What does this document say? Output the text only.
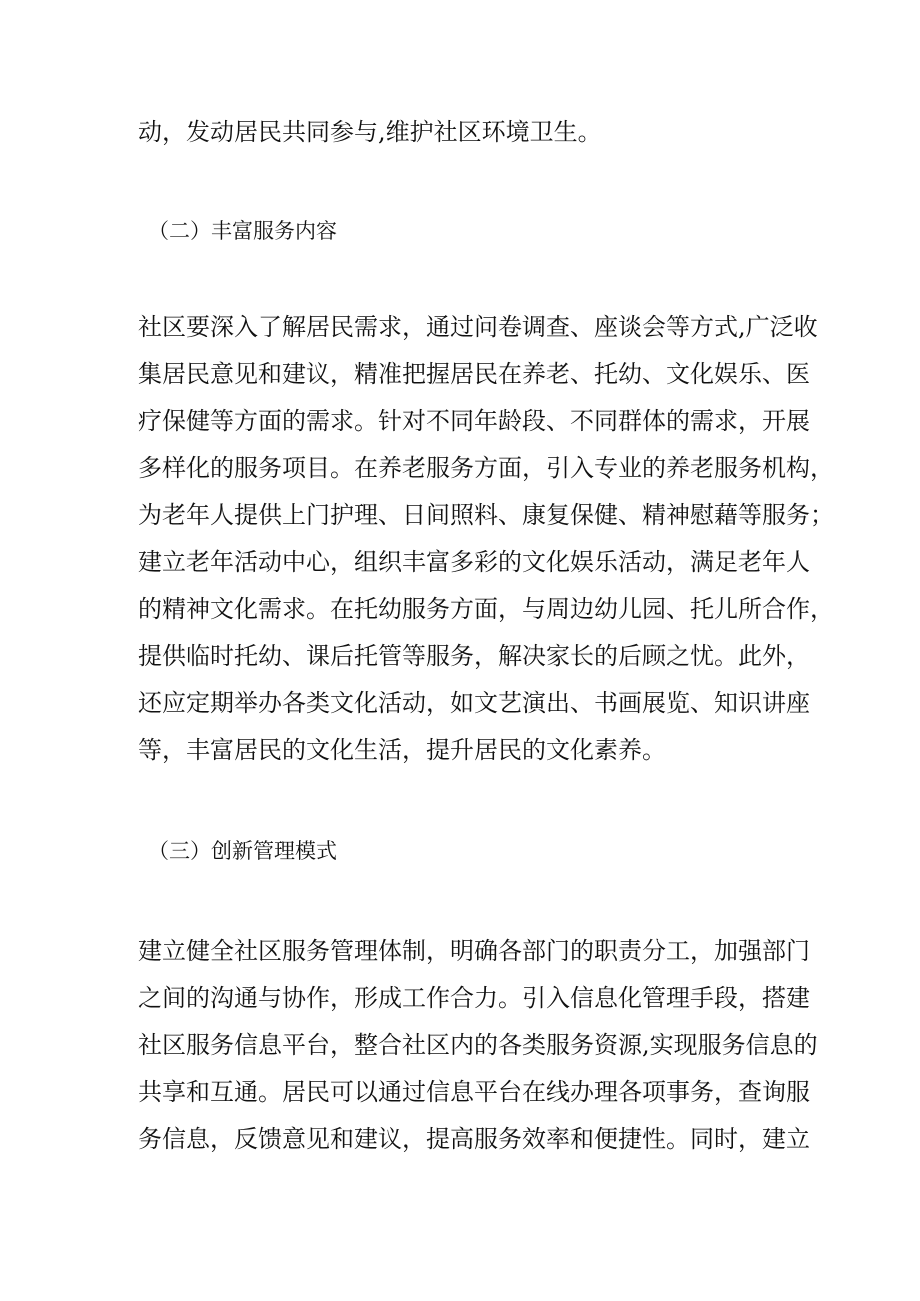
动，发动居民共同参与,维护社区环境卫生。
（二）丰富服务内容
社区要深入了解居民需求，通过问卷调查、座谈会等方式,广泛收
集居民意见和建议，精准把握居民在养老、托幼、文化娱乐、医
疗保健等方面的需求。针对不同年龄段、不同群体的需求，开展
多样化的服务项目。在养老服务方面，引入专业的养老服务机构，
为老年人提供上门护理、日间照料、康复保健、精神慰藉等服务；
建立老年活动中心，组织丰富多彩的文化娱乐活动，满足老年人
的精神文化需求。在托幼服务方面，与周边幼儿园、托儿所合作，
提供临时托幼、课后托管等服务，解决家长的后顾之忧。此外，
还应定期举办各类文化活动，如文艺演出、书画展览、知识讲座
等，丰富居民的文化生活，提升居民的文化素养。
（三）创新管理模式
建立健全社区服务管理体制，明确各部门的职责分工，加强部门
之间的沟通与协作，形成工作合力。引入信息化管理手段，搭建
社区服务信息平台，整合社区内的各类服务资源,实现服务信息的
共享和互通。居民可以通过信息平台在线办理各项事务，查询服
务信息，反馈意见和建议，提高服务效率和便捷性。同时，建立
